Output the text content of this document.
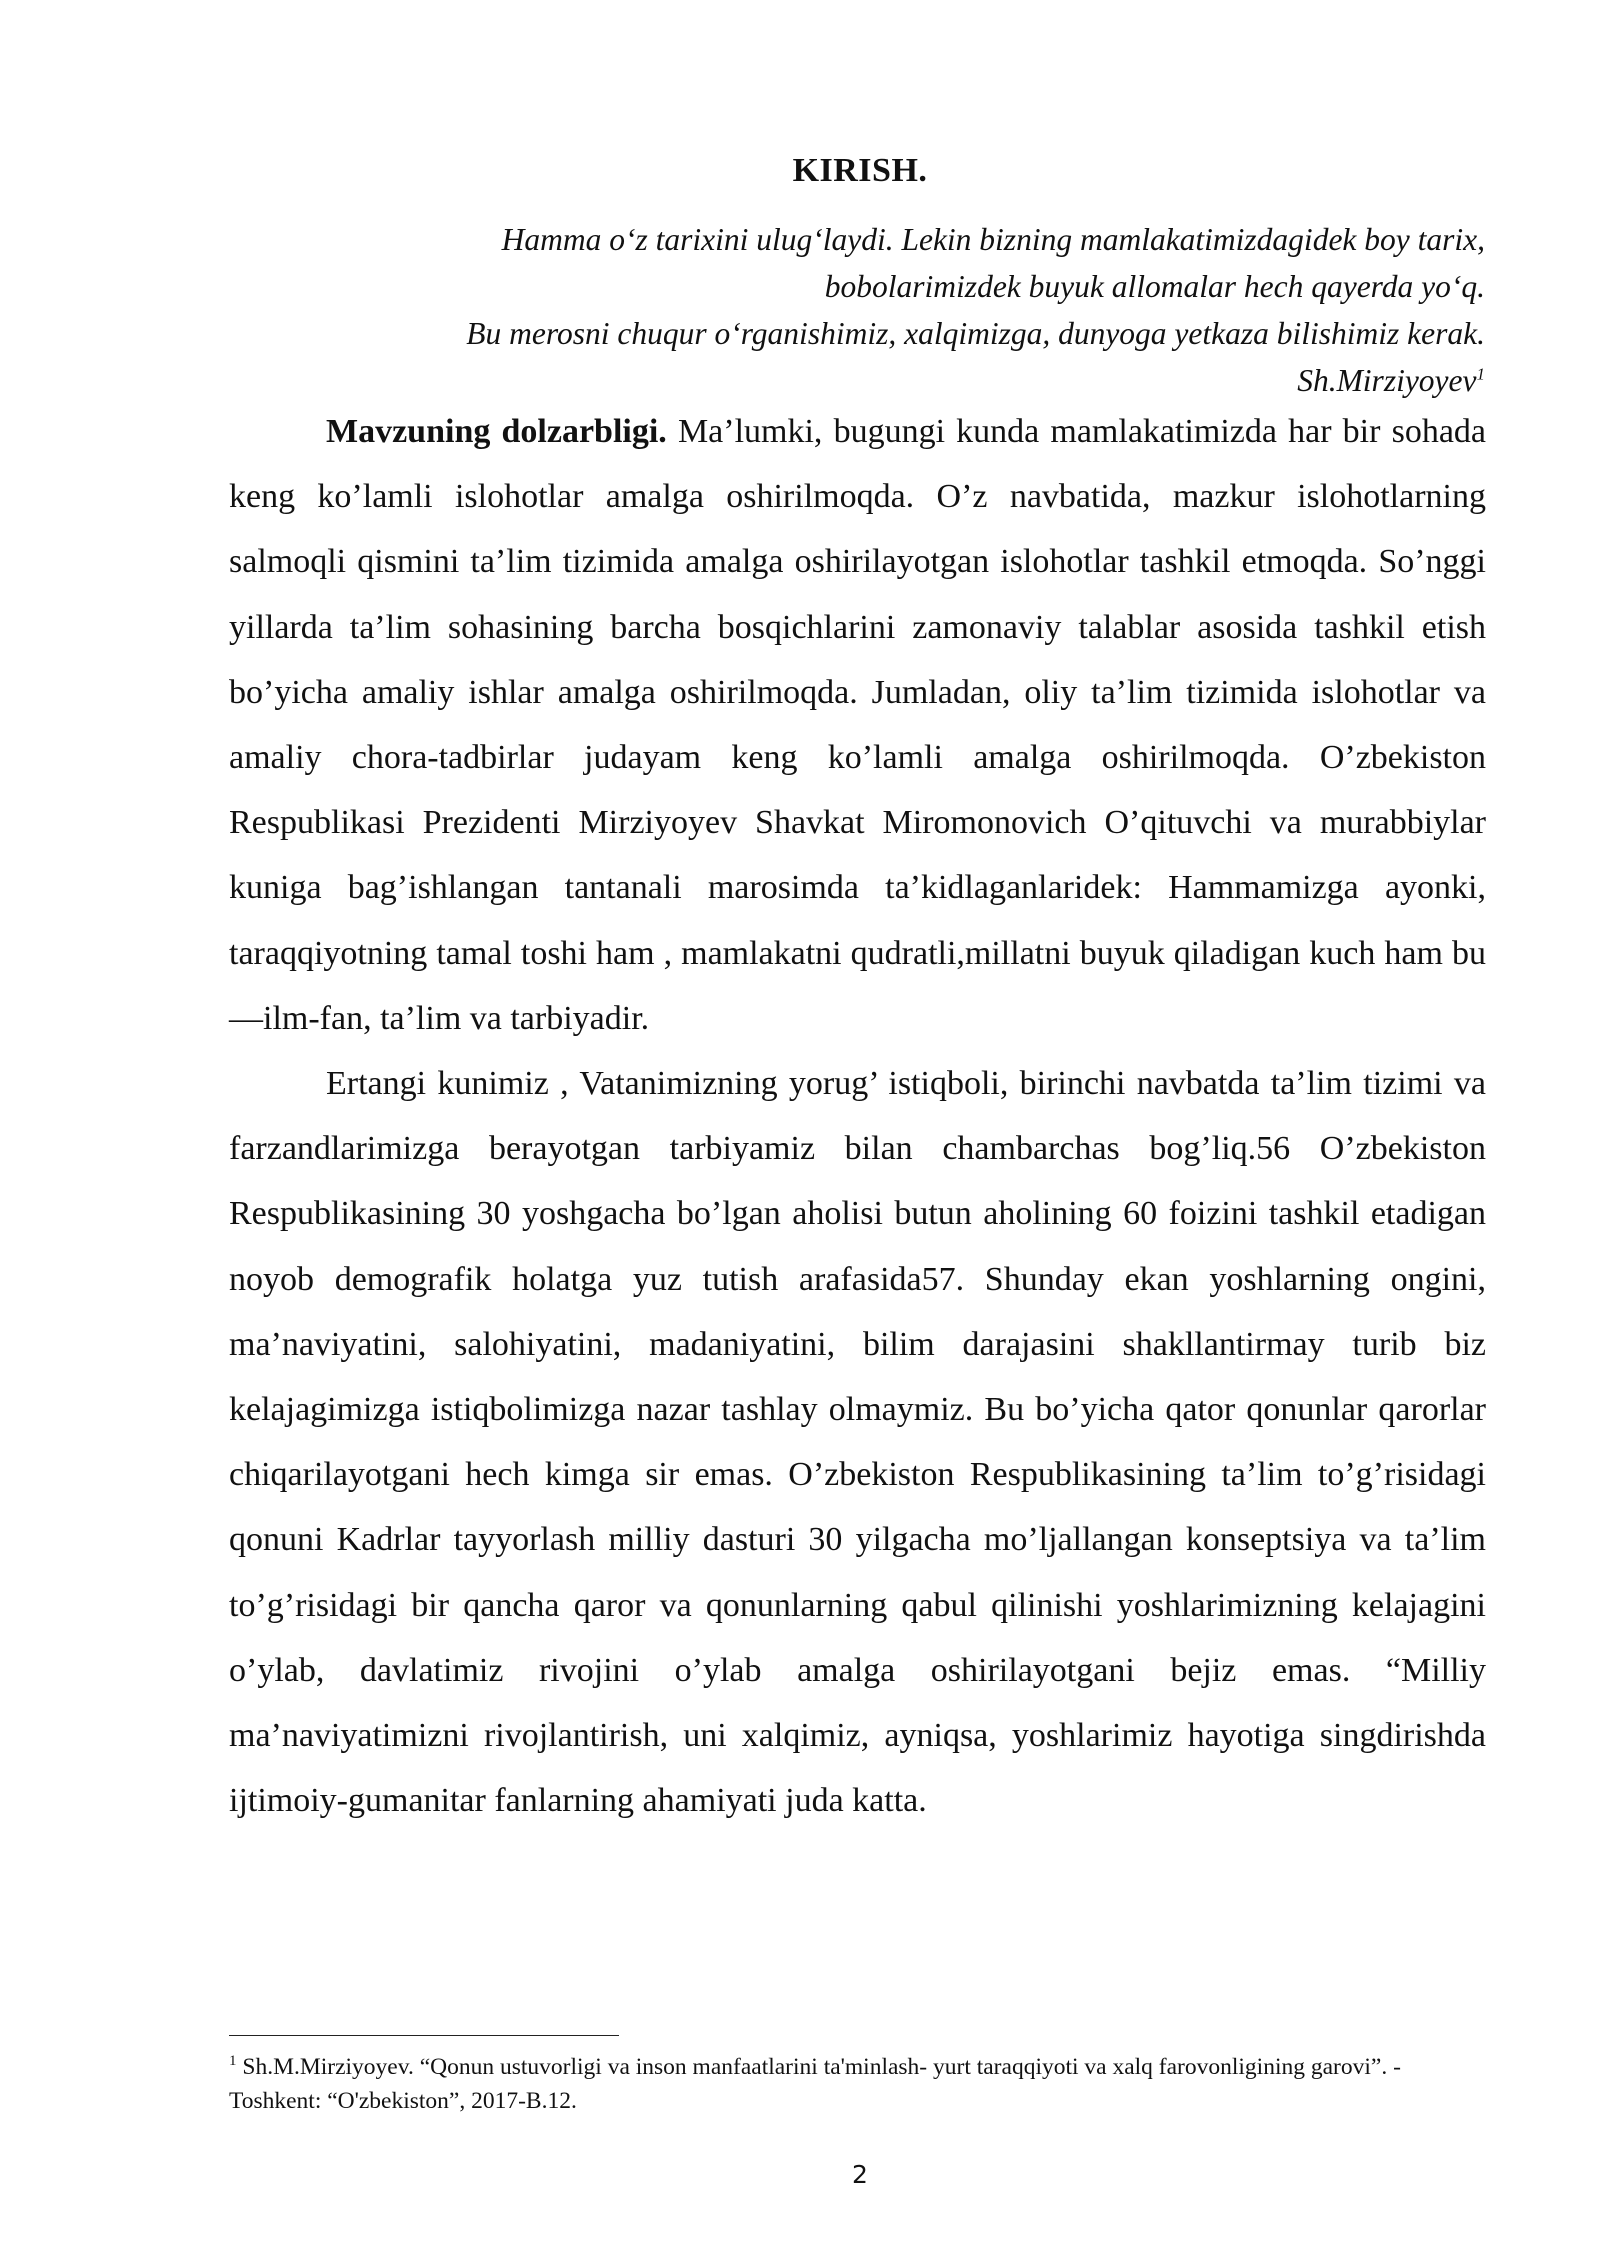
KIRISH.
Hamma o‘z tarixini ulug‘laydi. Lekin bizning mamlakatimizdagidek boy tarix,
bobolarimizdek buyuk allomalar hech qayerda yo‘q.
Bu merosni chuqur o‘rganishimiz, xalqimizga, dunyoga yetkaza bilishimiz kerak.
Sh.Mirziyoyev$^1$

Mavzuning dolzarbligi. Ma’lumki, bugungi kunda mamlakatimizda har bir sohada keng ko’lamli islohotlar amalga oshirilmoqda. O’z navbatida, mazkur islohotlarning salmoqli qismini ta’lim tizimida amalga oshirilayotgan islohotlar tashkil etmoqda. So’nggi yillarda ta’lim sohasining barcha bosqichlarini zamonaviy talablar asosida tashkil etish bo’yicha amaliy ishlar amalga oshirilmoqda. Jumladan, oliy ta’lim tizimida islohotlar va amaliy chora-tadbirlar judayam keng ko’lamli amalga oshirilmoqda. O’zbekiston Respublikasi Prezidenti Mirziyoyev Shavkat Miromonovich O’qituvchi va murabbiylar kuniga bag’ishlangan tantanali marosimda ta’kidlaganlaridek: Hammamizga ayonki, taraqqiyotning tamal toshi ham , mamlakatni qudratli,millatni buyuk qiladigan kuch ham bu—ilm-fan, ta’lim va tarbiyadir.

Ertangi kunimiz , Vatanimizning yorug’ istiqboli, birinchi navbatda ta’lim tizimi va farzandlarimizga berayotgan tarbiyamiz bilan chambarchas bog’liq.56 O’zbekiston Respublikasining 30 yoshgacha bo’lgan aholisi butun aholining 60 foizini tashkil etadigan noyob demografik holatga yuz tutish arafasida57. Shunday ekan yoshlarning ongini, ma’naviyatini, salohiyatini, madaniyatini, bilim darajasini shakllantirmay turib biz kelajagimizga istiqbolimizga nazar tashlay olmaymiz. Bu bo’yicha qator qonunlar qarorlar chiqarilayotgani hech kimga sir emas. O’zbekiston Respublikasining ta’lim to’g’risidagi qonuni Kadrlar tayyorlash milliy dasturi 30 yilgacha mo’ljallangan konseptsiya va ta’lim to’g’risidagi bir qancha qaror va qonunlarning qabul qilinishi yoshlarimizning kelajagini o’ylab, davlatimiz rivojini o’ylab amalga oshirilayotgani bejiz emas. “Milliy ma’naviyatimizni rivojlantirish, uni xalqimiz, ayniqsa, yoshlarimiz hayotiga singdirishda ijtimoiy-gumanitar fanlarning ahamiyati juda katta.

$^1$ Sh.M.Mirziyoyev. “Qonun ustuvorligi va inson manfaatlarini ta'minlash- yurt taraqqiyoti va xalq farovonligining garovi”. -Toshkent: “O'zbekiston”, 2017-B.12.
2
